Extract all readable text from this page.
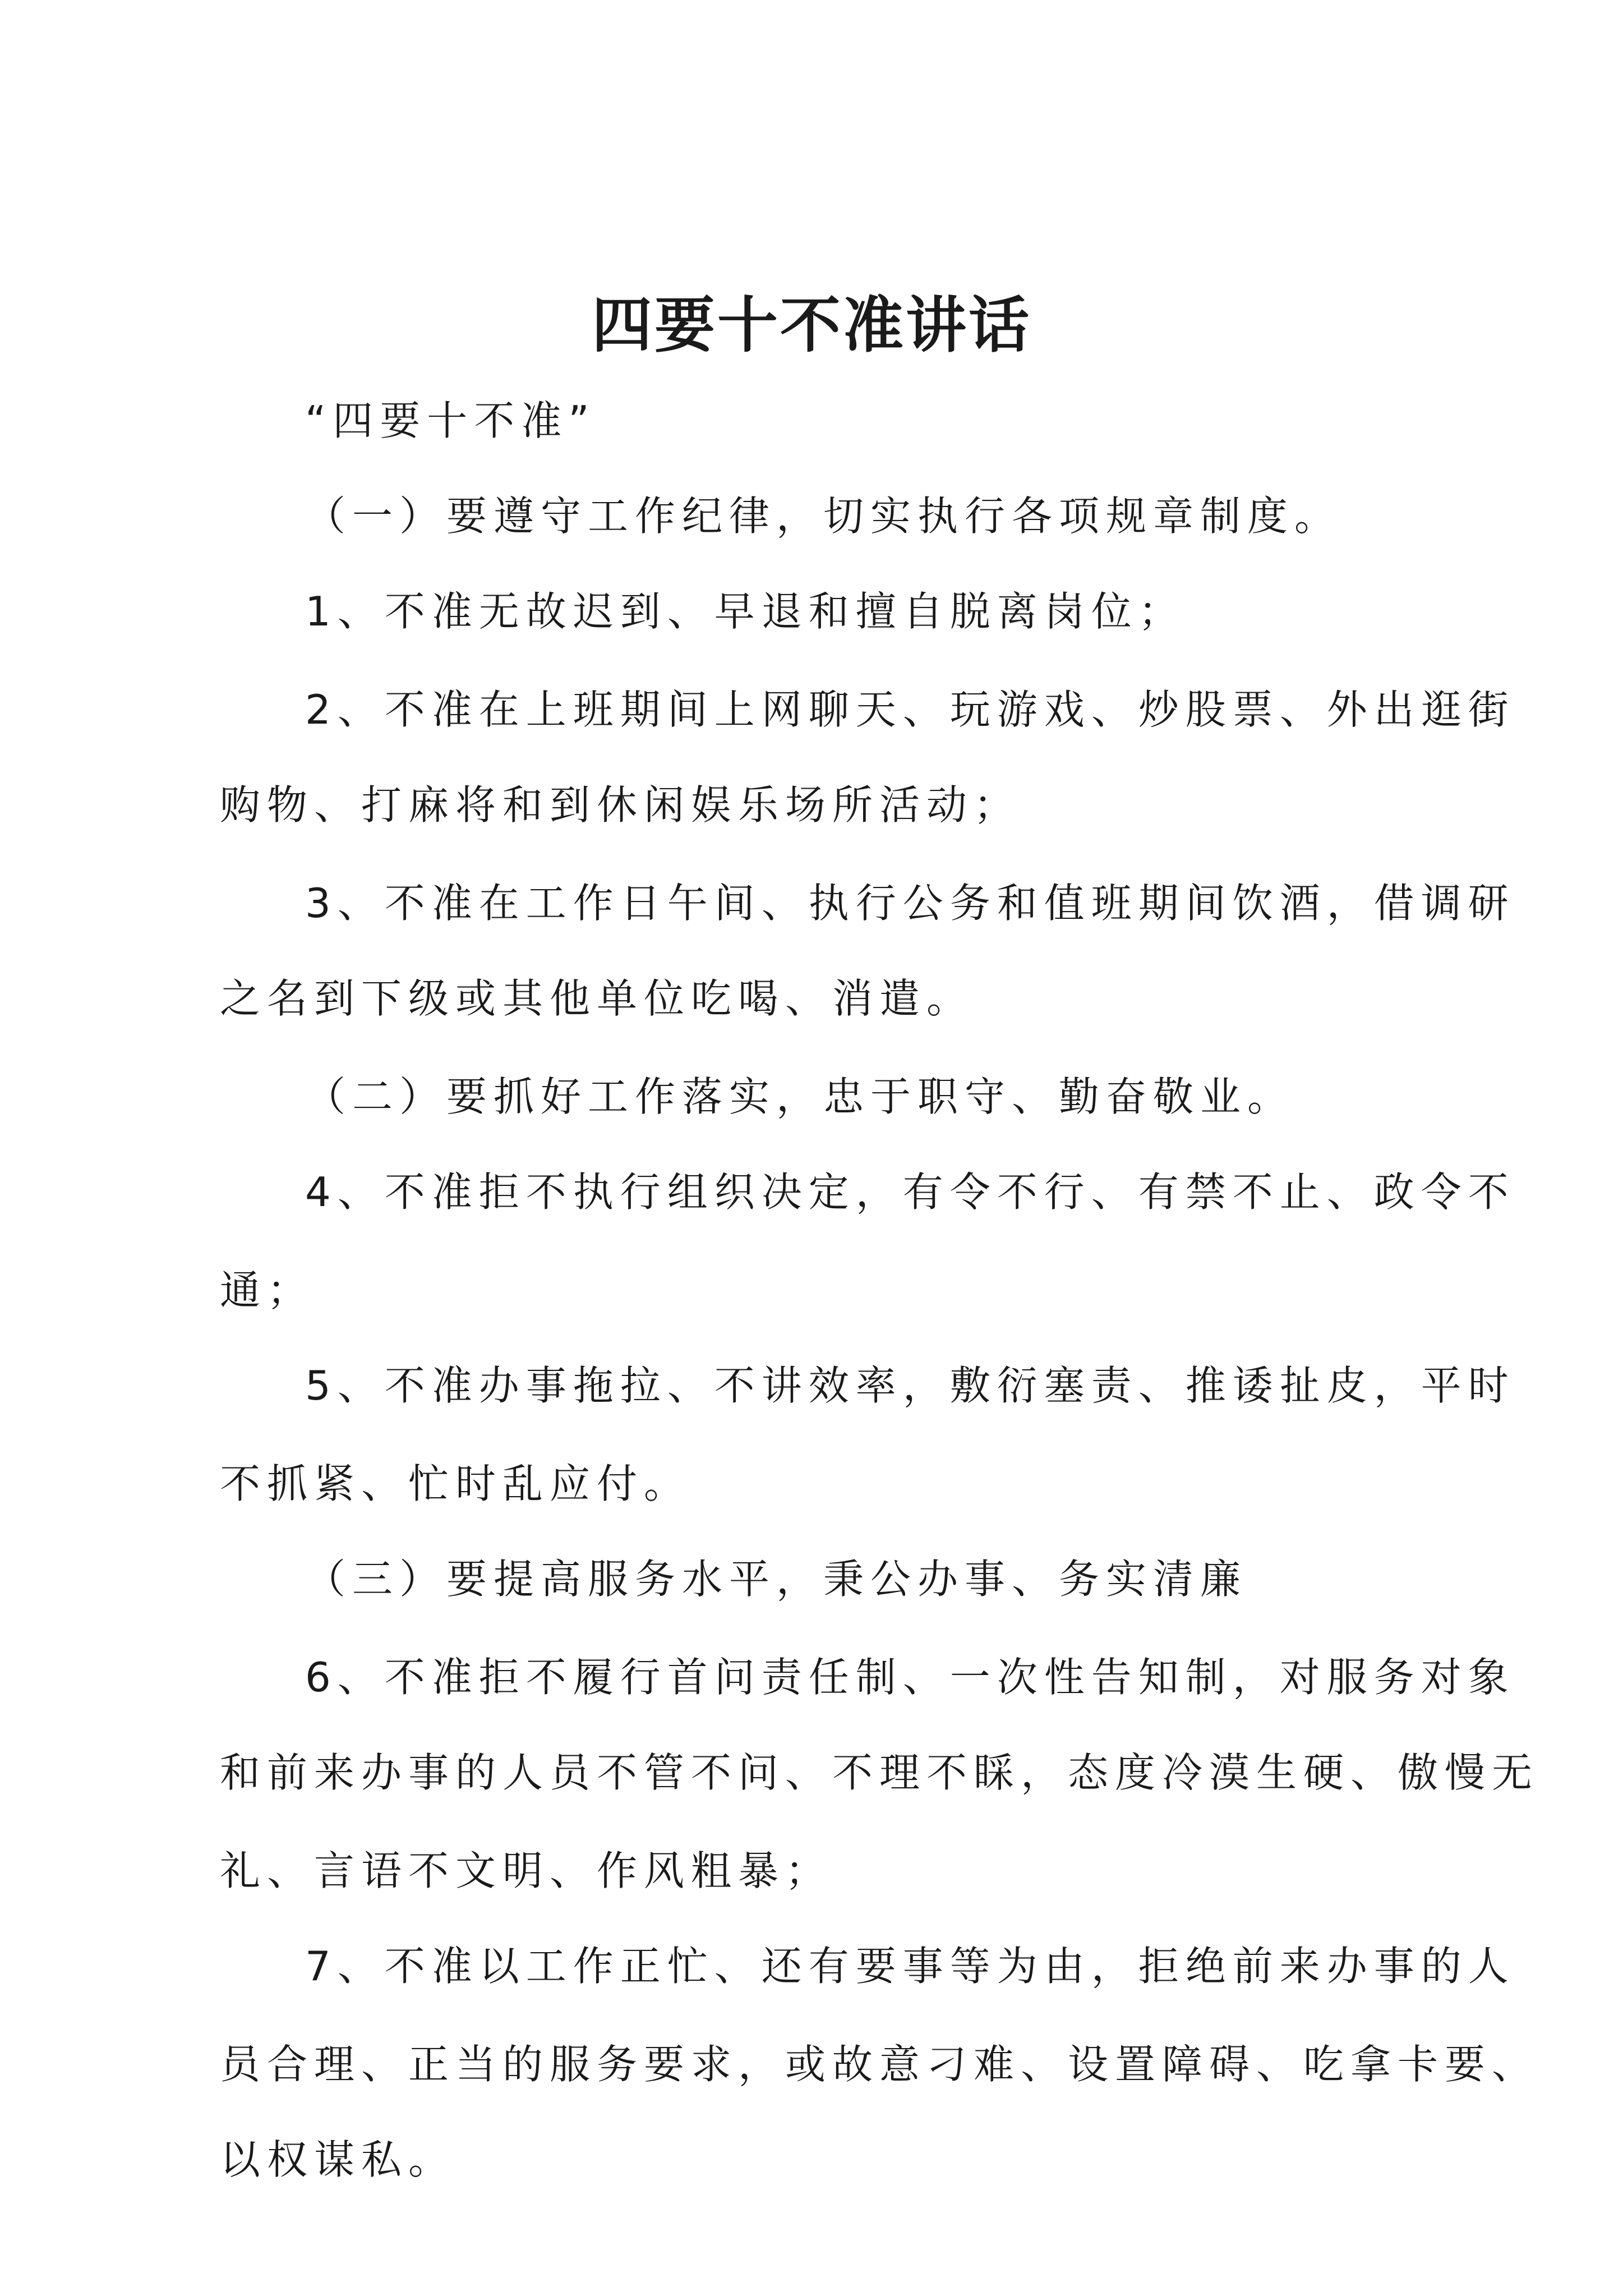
四要十不准讲话
“四要十不准”
（一）要遵守工作纪律，切实执行各项规章制度。
1、不准无故迟到、早退和擅自脱离岗位；
2、不准在上班期间上网聊天、玩游戏、炒股票、外出逛街
购物、打麻将和到休闲娱乐场所活动；
3、不准在工作日午间、执行公务和值班期间饮酒，借调研
之名到下级或其他单位吃喝、消遣。
（二）要抓好工作落实，忠于职守、勤奋敬业。
4、不准拒不执行组织决定，有令不行、有禁不止、政令不
通；
5、不准办事拖拉、不讲效率，敷衍塞责、推诿扯皮，平时
不抓紧、忙时乱应付。
（三）要提高服务水平，秉公办事、务实清廉
6、不准拒不履行首问责任制、一次性告知制，对服务对象
和前来办事的人员不管不问、不理不睬，态度冷漠生硬、傲慢无
礼、言语不文明、作风粗暴；
7、不准以工作正忙、还有要事等为由，拒绝前来办事的人
员合理、正当的服务要求，或故意刁难、设置障碍、吃拿卡要、
以权谋私。
